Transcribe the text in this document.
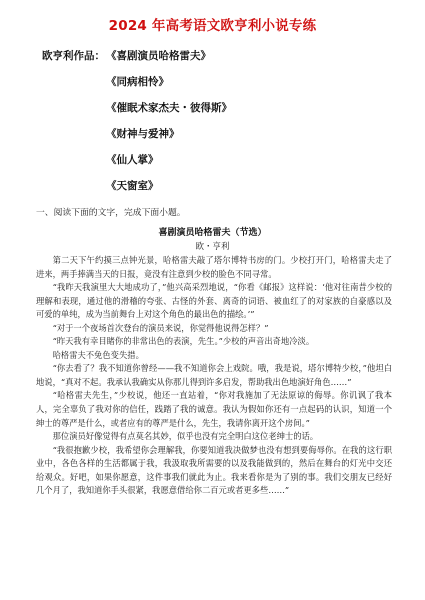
2024 年高考语文欧亨利小说专练
欧亨利作品： 《喜剧演员哈格雷夫》
《同病相怜》
《催眠术家杰夫・彼得斯》
《财神与爱神》
《仙人掌》
《天窗室》
一、阅读下面的文字，完成下面小题。
喜剧演员哈格雷夫（节选）
欧・亨利

第二天下午约摸三点钟光景，哈格雷夫敲了塔尔博特书房的门。少校打开门，哈格雷夫走了进来，两手捧满当天的日报，竟没有注意到少校的脸色不同寻常。

“我昨天我演里大大地成功了，”他兴高采烈地说，“你看《邮报》这样说：‘他对往南昔少校的理解和表现，通过他的滑稽的夸张、古怪的外套、离奇的词语、被血红了的对家族的自豪感以及可爱的单纯，成为当前舞台上对这个角色的最出色的描绘。’”

“对于一个夜场首次登台的演员来说，你觉得他说得怎样？”

“昨天我有幸目睹你的非常出色的表演，先生。”少校的声音出奇地冷淡。

哈格雷夫不免色变失措。

“你去看了？我不知道你曾经——我不知道你会上戏院。哦，我是说，塔尔博特少校，”他坦白地说，“真对不起。我承认我确实从你那儿得到许多启发，帮助我出色地演好角色……”

“哈格雷夫先生，”少校说，他还一直站着，“你对我施加了无法原谅的侮辱。你讥讽了我本人，完全辜负了我对你的信任，践踏了我的诚意。我认为假如你还有一点起码的认识，知道一个绅士的尊严是什么，或者应有的尊严是什么，先生，我请你离开这个房间。”

那位演员好像觉得有点莫名其妙，似乎也没有完全明白这位老绅士的话。

“我很抱歉少校，我希望你会理解我，你要知道我决做梦也没有想到要侮辱你。在我的这行职业中，各色各样的生活都属于我，我汲取我所需要的以及我能做到的，然后在舞台的灯光中交还给观众。好吧，如果你愿意，这件事我们就此为止。我来看你是为了别的事。我们交朋友已经好几个月了，我知道你手头很紧，我愿意借给你二百元或者更多些……”
